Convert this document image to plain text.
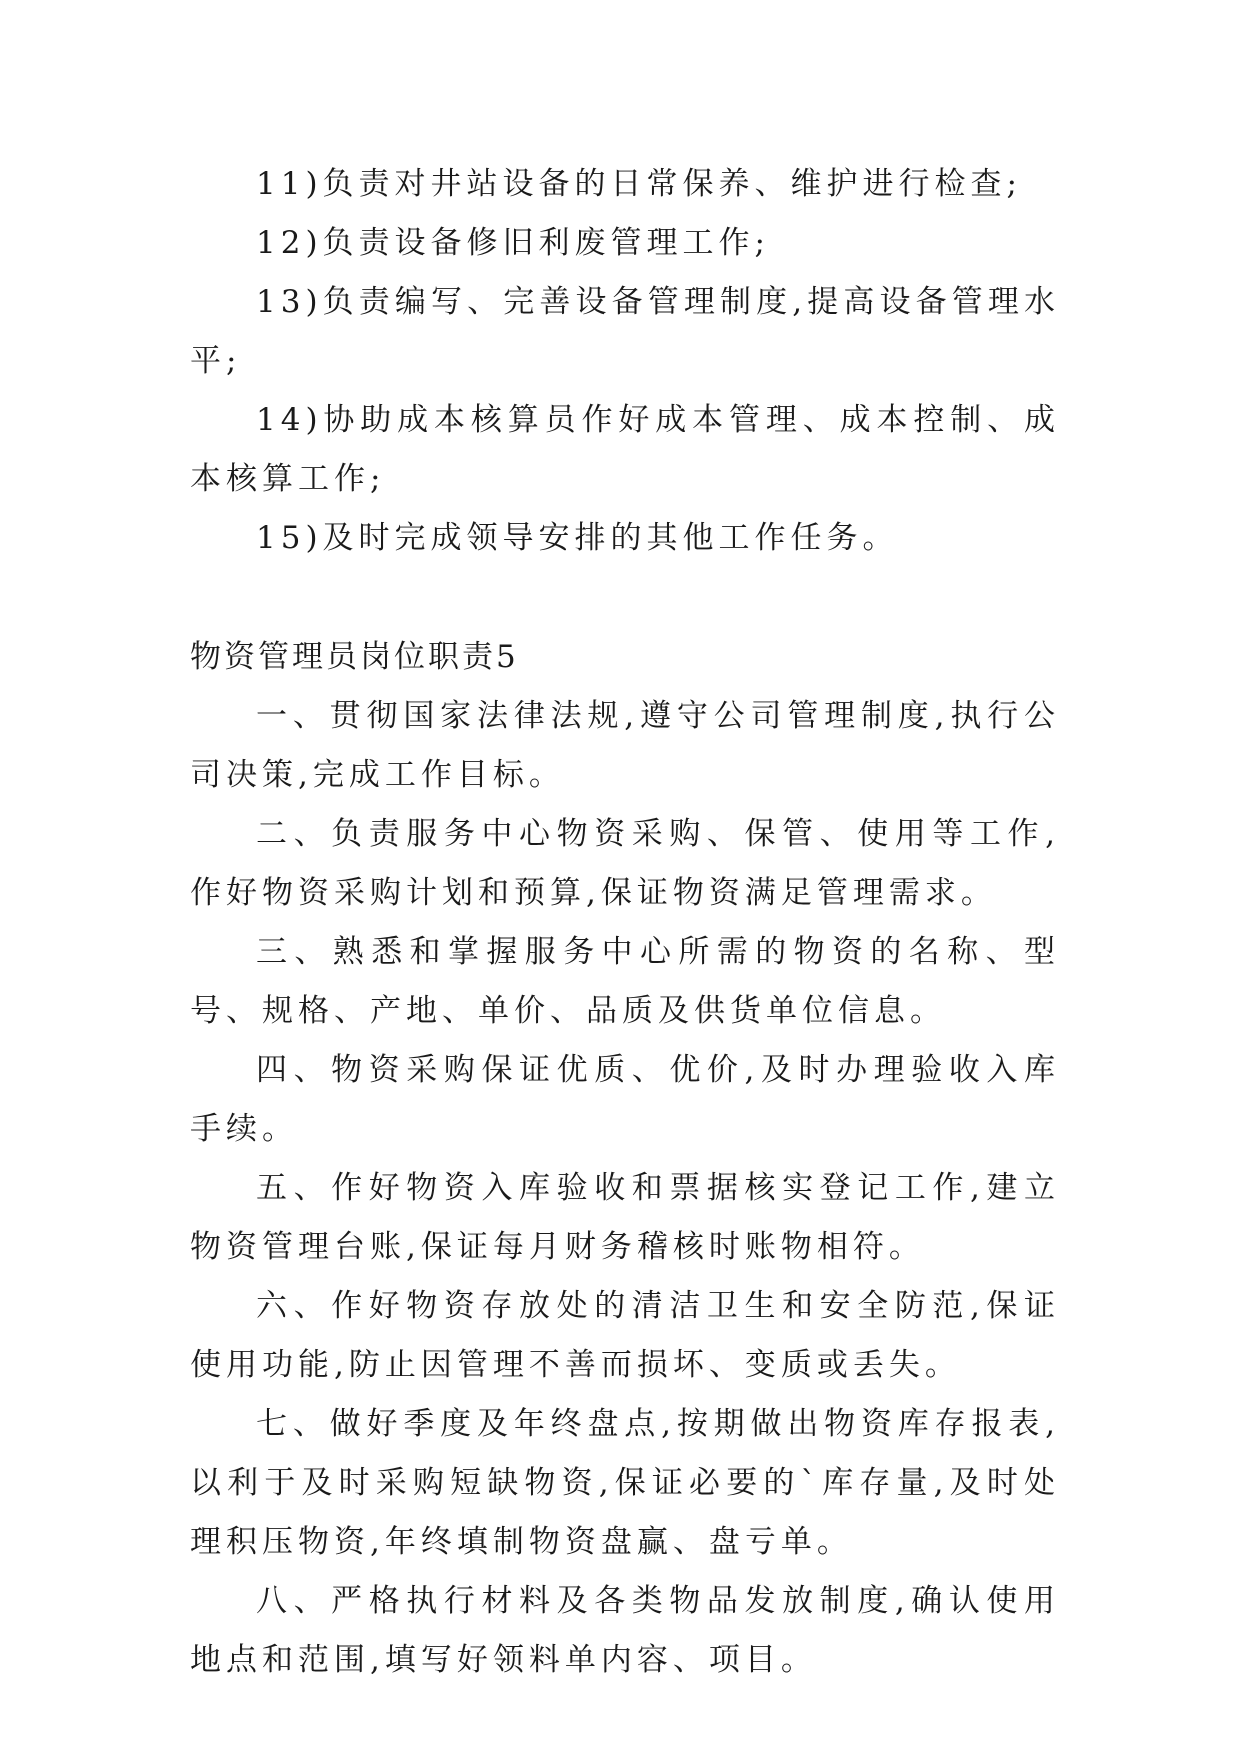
11)负责对井站设备的日常保养、维护进行检查;

12)负责设备修旧利废管理工作;

13)负责编写、完善设备管理制度,提高设备管理水平;

14)协助成本核算员作好成本管理、成本控制、成本核算工作;

15)及时完成领导安排的其他工作任务。

物资管理员岗位职责5

一、贯彻国家法律法规,遵守公司管理制度,执行公司决策,完成工作目标。

二、负责服务中心物资采购、保管、使用等工作,作好物资采购计划和预算,保证物资满足管理需求。

三、熟悉和掌握服务中心所需的物资的名称、型号、规格、产地、单价、品质及供货单位信息。

四、物资采购保证优质、优价,及时办理验收入库手续。

五、作好物资入库验收和票据核实登记工作,建立物资管理台账,保证每月财务稽核时账物相符。

六、作好物资存放处的清洁卫生和安全防范,保证使用功能,防止因管理不善而损坏、变质或丢失。

七、做好季度及年终盘点,按期做出物资库存报表,以利于及时采购短缺物资,保证必要的`库存量,及时处理积压物资,年终填制物资盘赢、盘亏单。

八、严格执行材料及各类物品发放制度,确认使用地点和范围,填写好领料单内容、项目。
